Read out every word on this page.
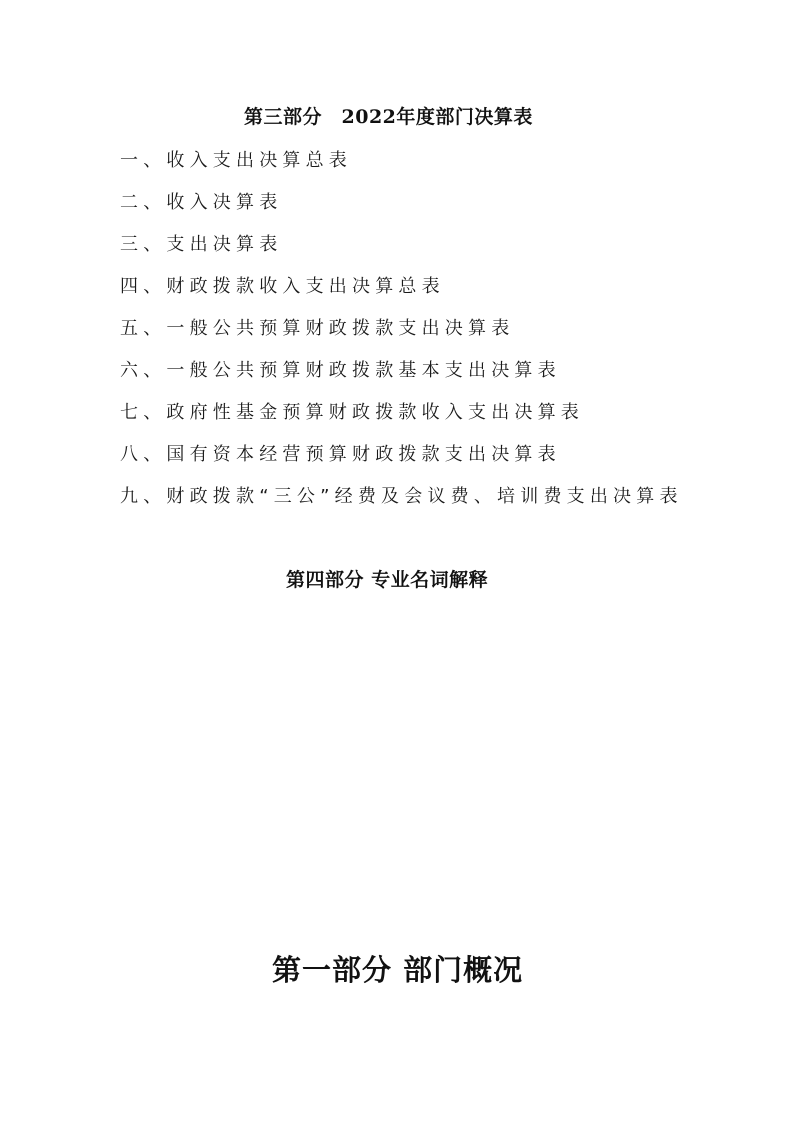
第三部分　2022年度部门决算表
一、收入支出决算总表
二、收入决算表
三、支出决算表
四、财政拨款收入支出决算总表
五、一般公共预算财政拨款支出决算表
六、一般公共预算财政拨款基本支出决算表
七、政府性基金预算财政拨款收入支出决算表
八、国有资本经营预算财政拨款支出决算表
九、财政拨款“三公”经费及会议费、培训费支出决算表
第四部分 专业名词解释
第一部分 部门概况
